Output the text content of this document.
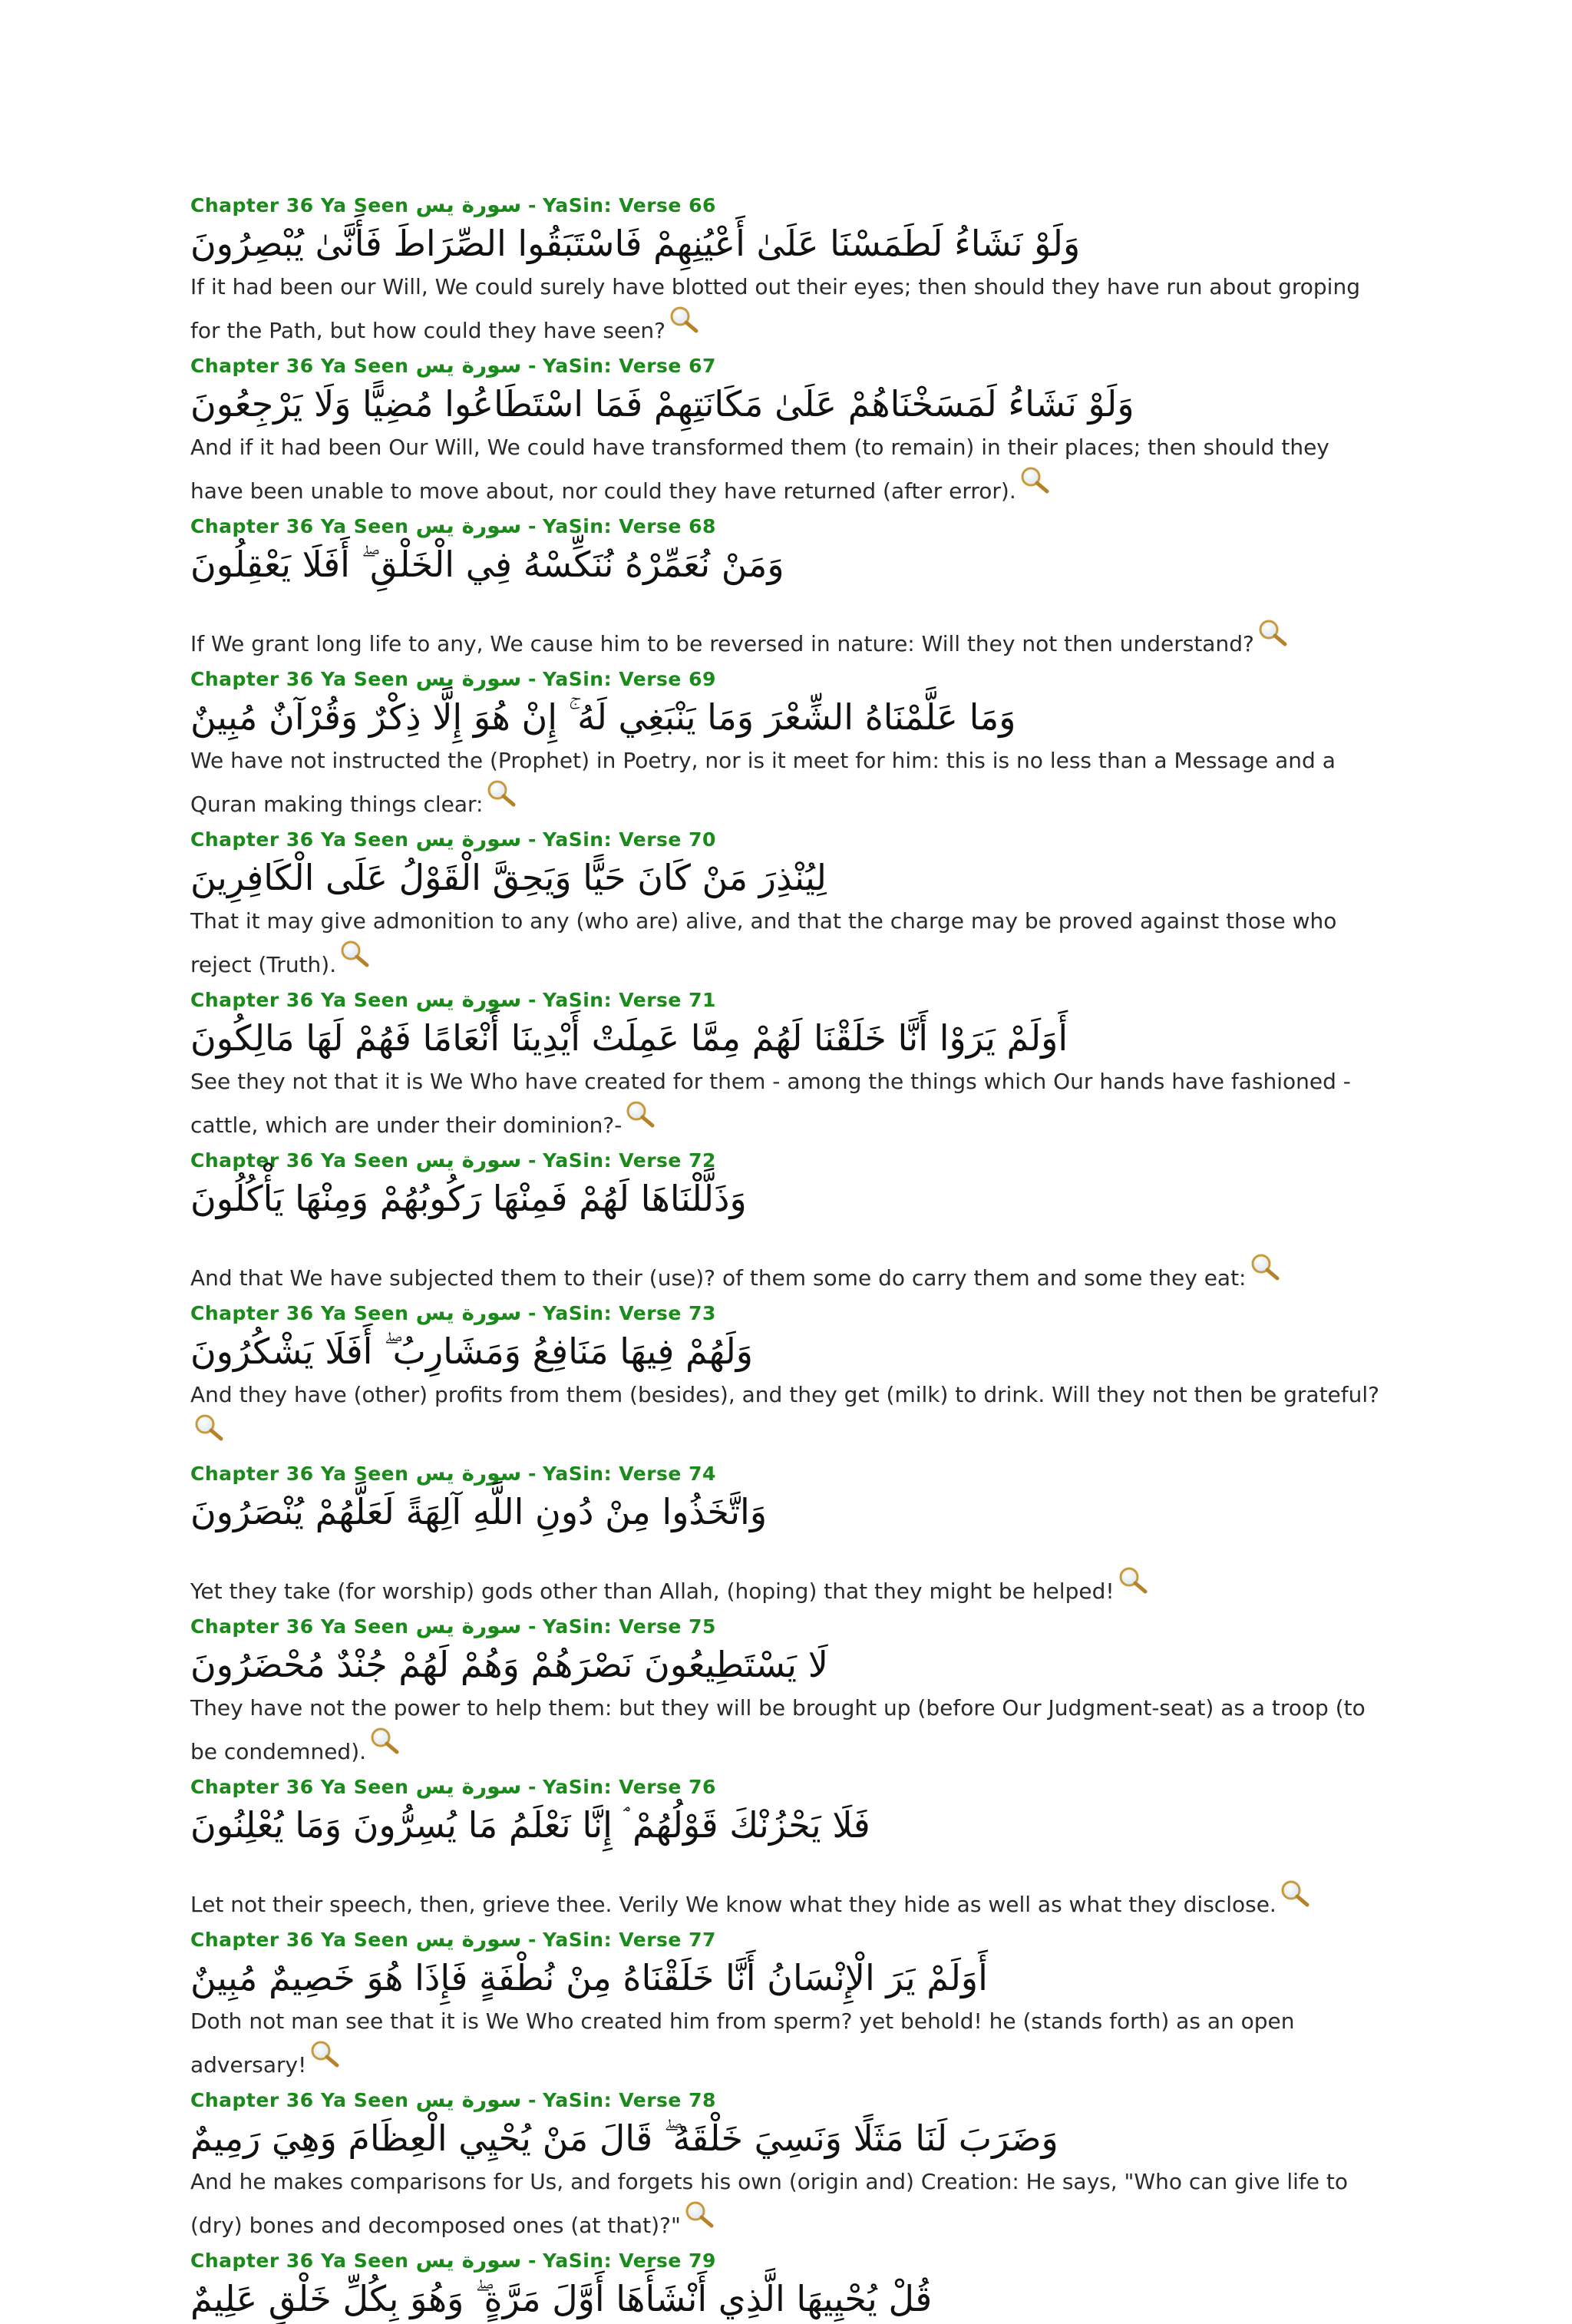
Chapter 36 Ya Seen سورة يس - YaSin: Verse 66
وَلَوْ نَشَاءُ لَطَمَسْنَا عَلَىٰ أَعْيُنِهِمْ فَاسْتَبَقُوا الصِّرَاطَ فَأَنَّىٰ يُبْصِرُونَ
If it had been our Will, We could surely have blotted out their eyes; then should they have run about groping for the Path, but how could they have seen?
Chapter 36 Ya Seen سورة يس - YaSin: Verse 67
وَلَوْ نَشَاءُ لَمَسَخْنَاهُمْ عَلَىٰ مَكَانَتِهِمْ فَمَا اسْتَطَاعُوا مُضِيًّا وَلَا يَرْجِعُونَ
And if it had been Our Will, We could have transformed them (to remain) in their places; then should they have been unable to move about, nor could they have returned (after error).
Chapter 36 Ya Seen سورة يس - YaSin: Verse 68
وَمَنْ نُعَمِّرْهُ نُنَكِّسْهُ فِي الْخَلْقِ ۖ أَفَلَا يَعْقِلُونَ
If We grant long life to any, We cause him to be reversed in nature: Will they not then understand?
Chapter 36 Ya Seen سورة يس - YaSin: Verse 69
وَمَا عَلَّمْنَاهُ الشِّعْرَ وَمَا يَنْبَغِي لَهُ ۚ إِنْ هُوَ إِلَّا ذِكْرٌ وَقُرْآنٌ مُبِينٌ
We have not instructed the (Prophet) in Poetry, nor is it meet for him: this is no less than a Message and a Quran making things clear:
Chapter 36 Ya Seen سورة يس - YaSin: Verse 70
لِيُنْذِرَ مَنْ كَانَ حَيًّا وَيَحِقَّ الْقَوْلُ عَلَى الْكَافِرِينَ
That it may give admonition to any (who are) alive, and that the charge may be proved against those who reject (Truth).
Chapter 36 Ya Seen سورة يس - YaSin: Verse 71
أَوَلَمْ يَرَوْا أَنَّا خَلَقْنَا لَهُمْ مِمَّا عَمِلَتْ أَيْدِينَا أَنْعَامًا فَهُمْ لَهَا مَالِكُونَ
See they not that it is We Who have created for them - among the things which Our hands have fashioned - cattle, which are under their dominion?-
Chapter 36 Ya Seen سورة يس - YaSin: Verse 72
وَذَلَّلْنَاهَا لَهُمْ فَمِنْهَا رَكُوبُهُمْ وَمِنْهَا يَأْكُلُونَ
And that We have subjected them to their (use)? of them some do carry them and some they eat:
Chapter 36 Ya Seen سورة يس - YaSin: Verse 73
وَلَهُمْ فِيهَا مَنَافِعُ وَمَشَارِبُ ۖ أَفَلَا يَشْكُرُونَ
And they have (other) profits from them (besides), and they get (milk) to drink. Will they not then be grateful?
Chapter 36 Ya Seen سورة يس - YaSin: Verse 74
وَاتَّخَذُوا مِنْ دُونِ اللَّهِ آلِهَةً لَعَلَّهُمْ يُنْصَرُونَ
Yet they take (for worship) gods other than Allah, (hoping) that they might be helped!
Chapter 36 Ya Seen سورة يس - YaSin: Verse 75
لَا يَسْتَطِيعُونَ نَصْرَهُمْ وَهُمْ لَهُمْ جُنْدٌ مُحْضَرُونَ
They have not the power to help them: but they will be brought up (before Our Judgment-seat) as a troop (to be condemned).
Chapter 36 Ya Seen سورة يس - YaSin: Verse 76
فَلَا يَحْزُنْكَ قَوْلُهُمْ ۘ إِنَّا نَعْلَمُ مَا يُسِرُّونَ وَمَا يُعْلِنُونَ
Let not their speech, then, grieve thee. Verily We know what they hide as well as what they disclose.
Chapter 36 Ya Seen سورة يس - YaSin: Verse 77
أَوَلَمْ يَرَ الْإِنْسَانُ أَنَّا خَلَقْنَاهُ مِنْ نُطْفَةٍ فَإِذَا هُوَ خَصِيمٌ مُبِينٌ
Doth not man see that it is We Who created him from sperm? yet behold! he (stands forth) as an open adversary!
Chapter 36 Ya Seen سورة يس - YaSin: Verse 78
وَضَرَبَ لَنَا مَثَلًا وَنَسِيَ خَلْقَهُ ۖ قَالَ مَنْ يُحْيِي الْعِظَامَ وَهِيَ رَمِيمٌ
And he makes comparisons for Us, and forgets his own (origin and) Creation: He says, "Who can give life to (dry) bones and decomposed ones (at that)?"
Chapter 36 Ya Seen سورة يس - YaSin: Verse 79
قُلْ يُحْيِيهَا الَّذِي أَنْشَأَهَا أَوَّلَ مَرَّةٍ ۖ وَهُوَ بِكُلِّ خَلْقٍ عَلِيمٌ
